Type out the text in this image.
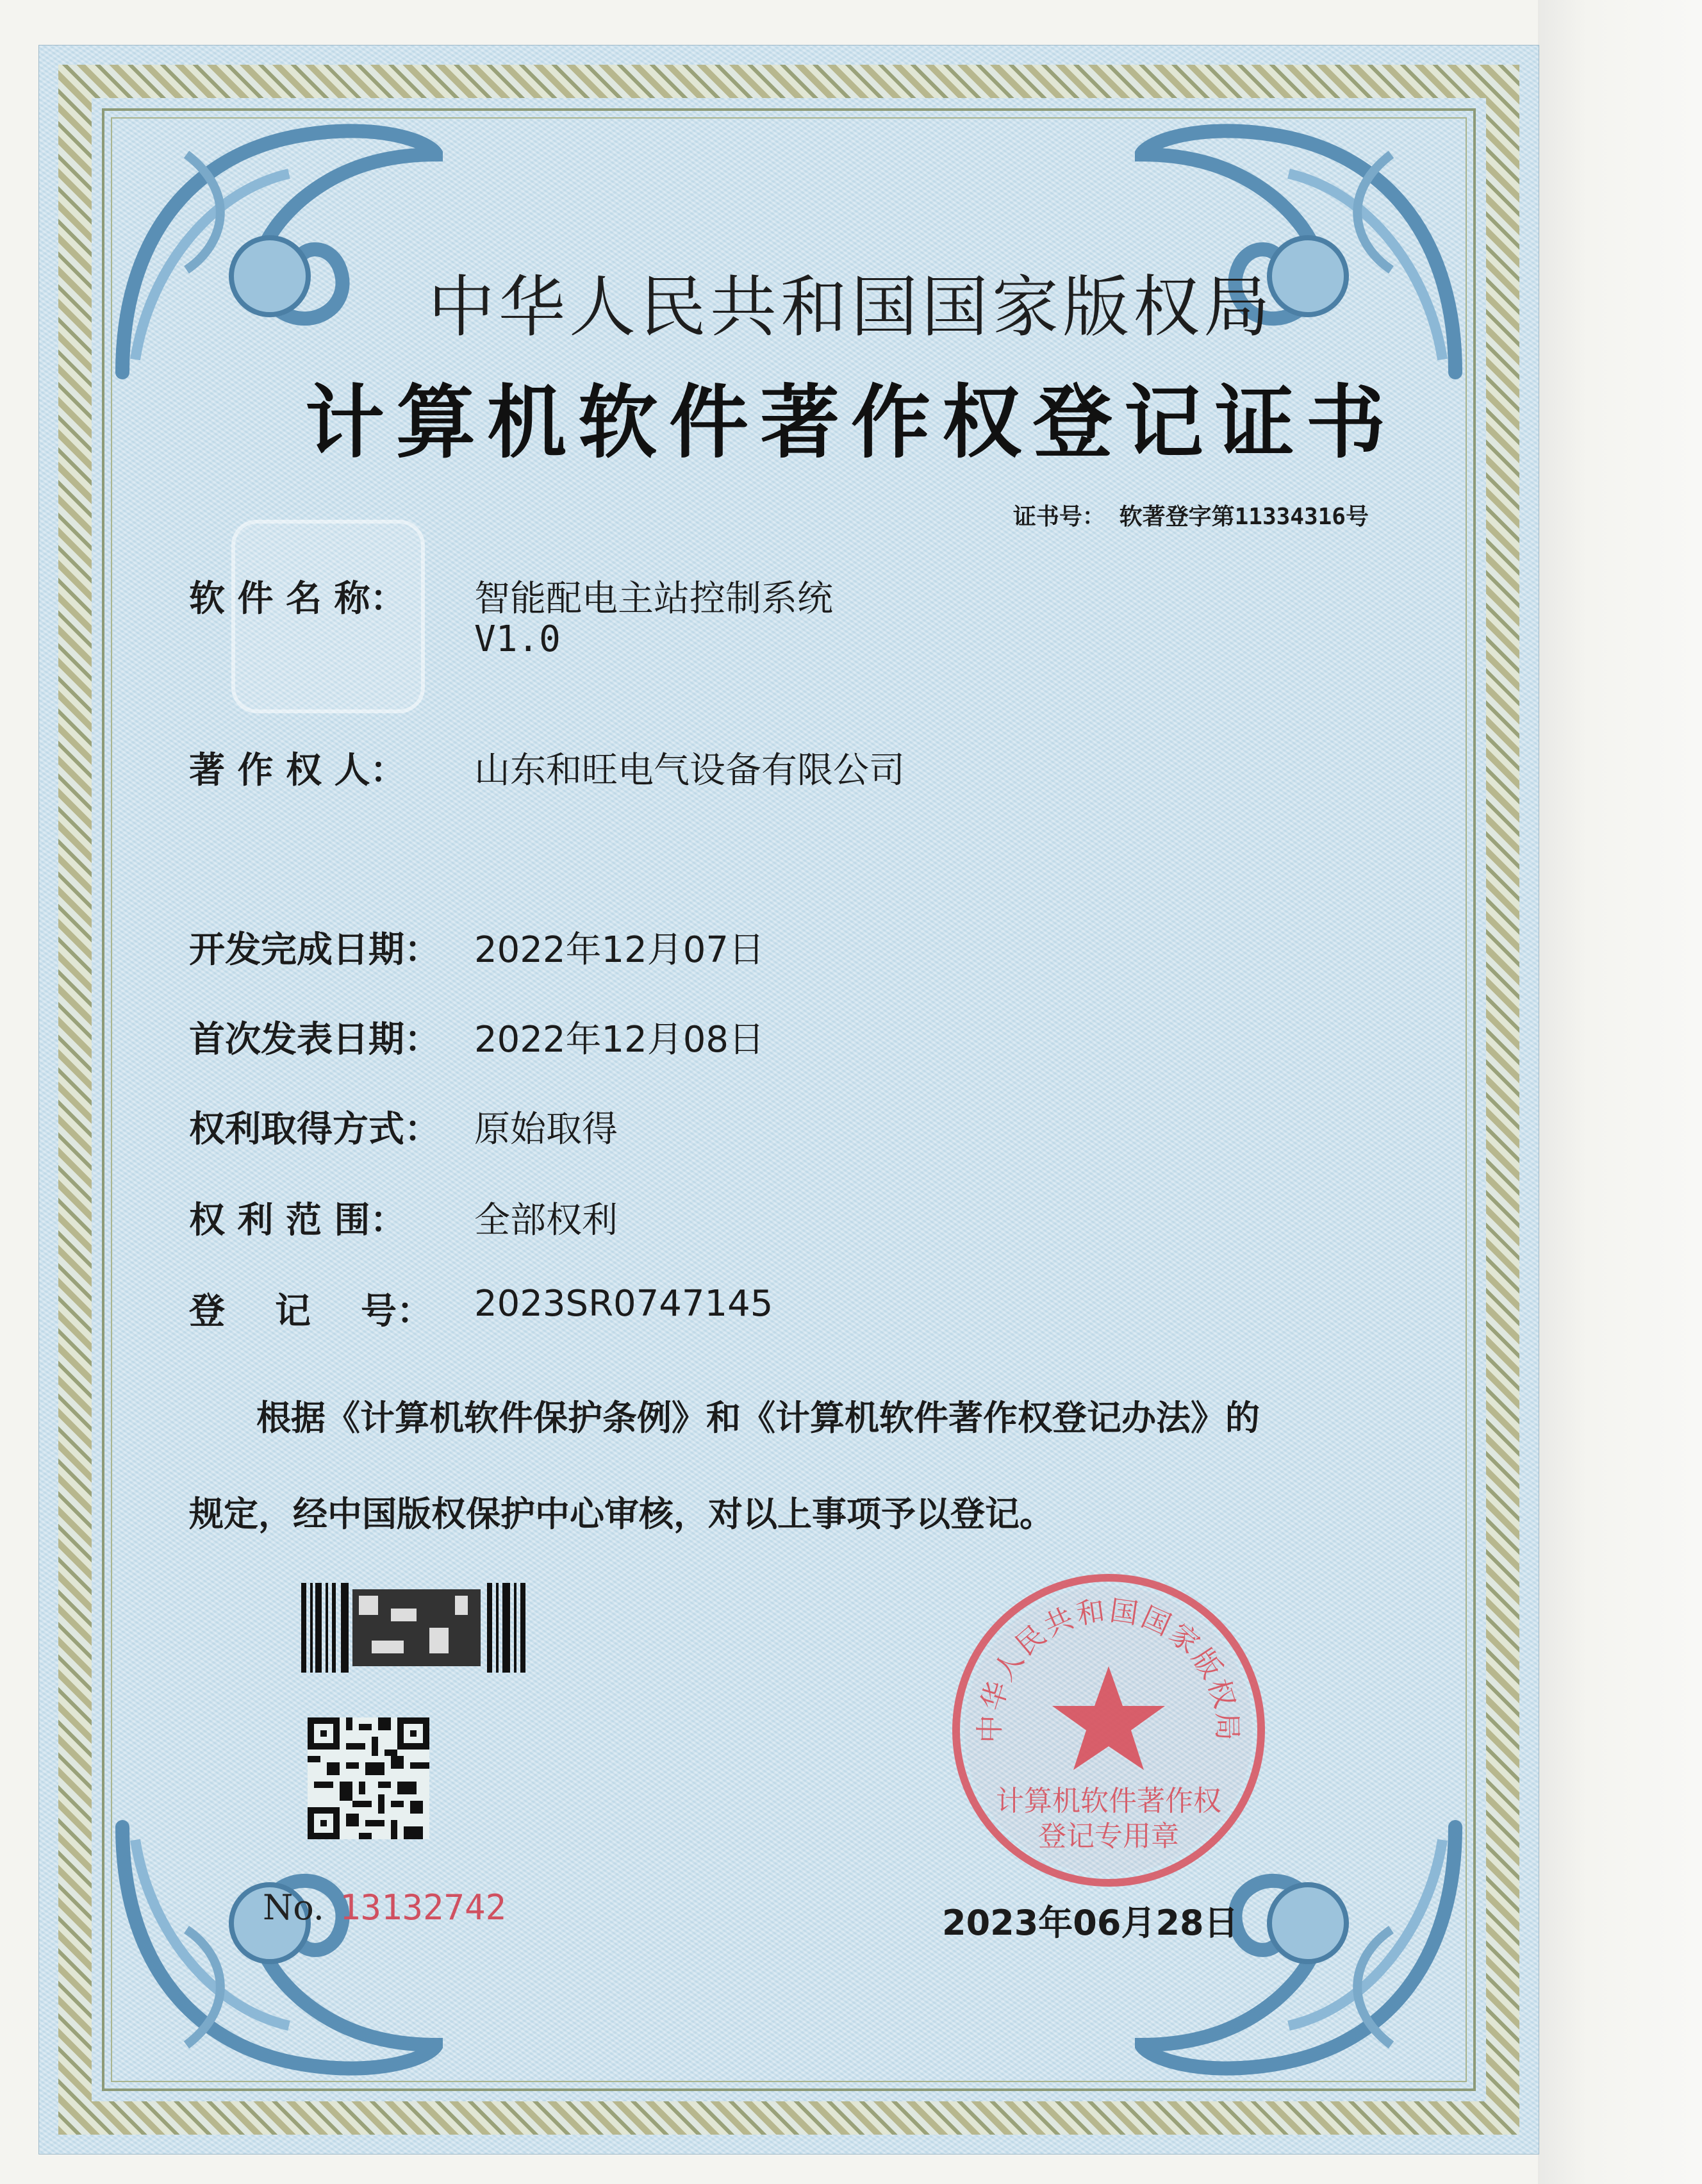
中华人民共和国国家版权局
计算机软件著作权登记证书
证书号： 软著登字第11334316号
软 件 名 称：	智能配电主站控制系统
V1.0
著 作 权 人：	山东和旺电气设备有限公司
开发完成日期： 2022年12月07日
首次发表日期： 2022年12月08日
权利取得方式： 原始取得
权 利 范 围：	全部权利
登    记    号：	2023SR0747145
根据《计算机软件保护条例》和《计算机软件著作权登记办法》的
规定，经中国版权保护中心审核，对以上事项予以登记。
No. 13132742
中华人民共和国国家版权局
计算机软件著作权
登记专用章
2023年06月28日
